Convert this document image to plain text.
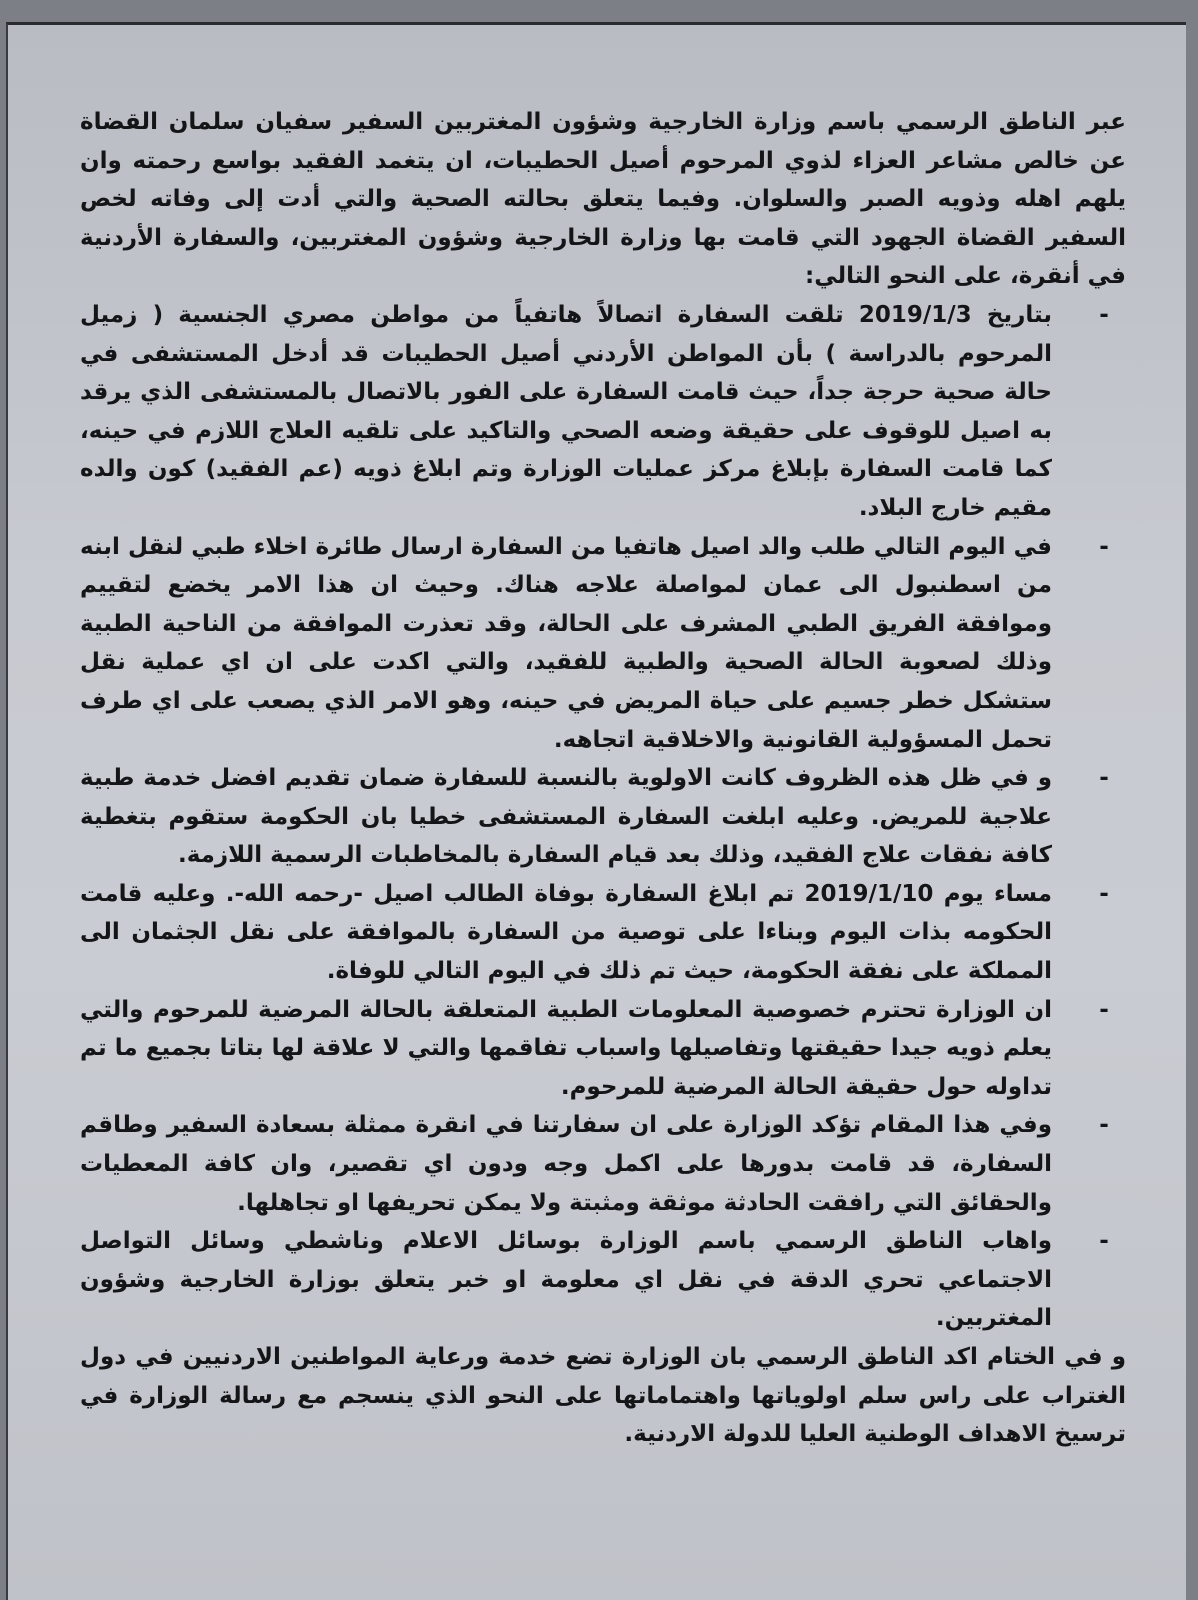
عبر الناطق الرسمي باسم وزارة الخارجية وشؤون المغتربين السفير سفيان سلمان القضاة عن خالص مشاعر العزاء لذوي المرحوم أصيل الحطيبات، ان يتغمد الفقيد بواسع رحمته وان يلهم اهله وذويه الصبر والسلوان. وفيما يتعلق بحالته الصحية والتي أدت إلى وفاته لخص السفير القضاة الجهود التي قامت بها وزارة الخارجية وشؤون المغتربين، والسفارة الأردنية في أنقرة، على النحو التالي:

-

بتاريخ 2019/1/3 تلقت السفارة اتصالاً هاتفياً من مواطن مصري الجنسية ( زميل المرحوم بالدراسة ) بأن المواطن الأردني أصيل الحطيبات قد أدخل المستشفى في حالة صحية حرجة جداً، حيث قامت السفارة على الفور بالاتصال بالمستشفى الذي يرقد به اصيل للوقوف على حقيقة وضعه الصحي والتاكيد على تلقيه العلاج اللازم في حينه، كما قامت السفارة بإبلاغ مركز عمليات الوزارة وتم ابلاغ ذويه (عم الفقيد) كون والده مقيم خارج البلاد.

-

في اليوم التالي طلب والد اصيل هاتفيا من السفارة ارسال طائرة اخلاء طبي لنقل ابنه من اسطنبول الى عمان لمواصلة علاجه هناك. وحيث ان هذا الامر يخضع لتقييم وموافقة الفريق الطبي المشرف على الحالة، وقد تعذرت الموافقة من الناحية الطبية وذلك لصعوبة الحالة الصحية والطبية للفقيد، والتي اكدت على ان اي عملية نقل ستشكل خطر جسيم على حياة المريض في حينه، وهو الامر الذي يصعب على اي طرف تحمل المسؤولية القانونية والاخلاقية اتجاهه.

-

و في ظل هذه الظروف كانت الاولوية بالنسبة للسفارة ضمان تقديم افضل خدمة طبية علاجية للمريض. وعليه ابلغت السفارة المستشفى خطيا بان الحكومة ستقوم بتغطية كافة نفقات علاج الفقيد، وذلك بعد قيام السفارة بالمخاطبات الرسمية اللازمة.

-

مساء يوم 2019/1/10 تم ابلاغ السفارة بوفاة الطالب اصيل -رحمه الله-. وعليه قامت الحكومه بذات اليوم وبناءا على توصية من السفارة بالموافقة على نقل الجثمان الى المملكة على نفقة الحكومة، حيث تم ذلك في اليوم التالي للوفاة.

-

ان الوزارة تحترم خصوصية المعلومات الطبية المتعلقة بالحالة المرضية للمرحوم والتي يعلم ذويه جيدا حقيقتها وتفاصيلها واسباب تفاقمها والتي لا علاقة لها بتاتا بجميع ما تم تداوله حول حقيقة الحالة المرضية للمرحوم.

-

وفي هذا المقام تؤكد الوزارة على ان سفارتنا في انقرة ممثلة بسعادة السفير وطاقم السفارة، قد قامت بدورها على اكمل وجه ودون اي تقصير، وان كافة المعطيات والحقائق التي رافقت الحادثة موثقة ومثبتة ولا يمكن تحريفها او تجاهلها.

-

واهاب الناطق الرسمي باسم الوزارة بوسائل الاعلام وناشطي وسائل التواصل الاجتماعي تحري الدقة في نقل اي معلومة او خبر يتعلق بوزارة الخارجية وشؤون المغتربين.

و في الختام اكد الناطق الرسمي بان الوزارة تضع خدمة ورعاية المواطنين الاردنيين في دول الغتراب على راس سلم اولوياتها واهتماماتها على النحو الذي ينسجم مع رسالة الوزارة في ترسيخ الاهداف الوطنية العليا للدولة الاردنية.
